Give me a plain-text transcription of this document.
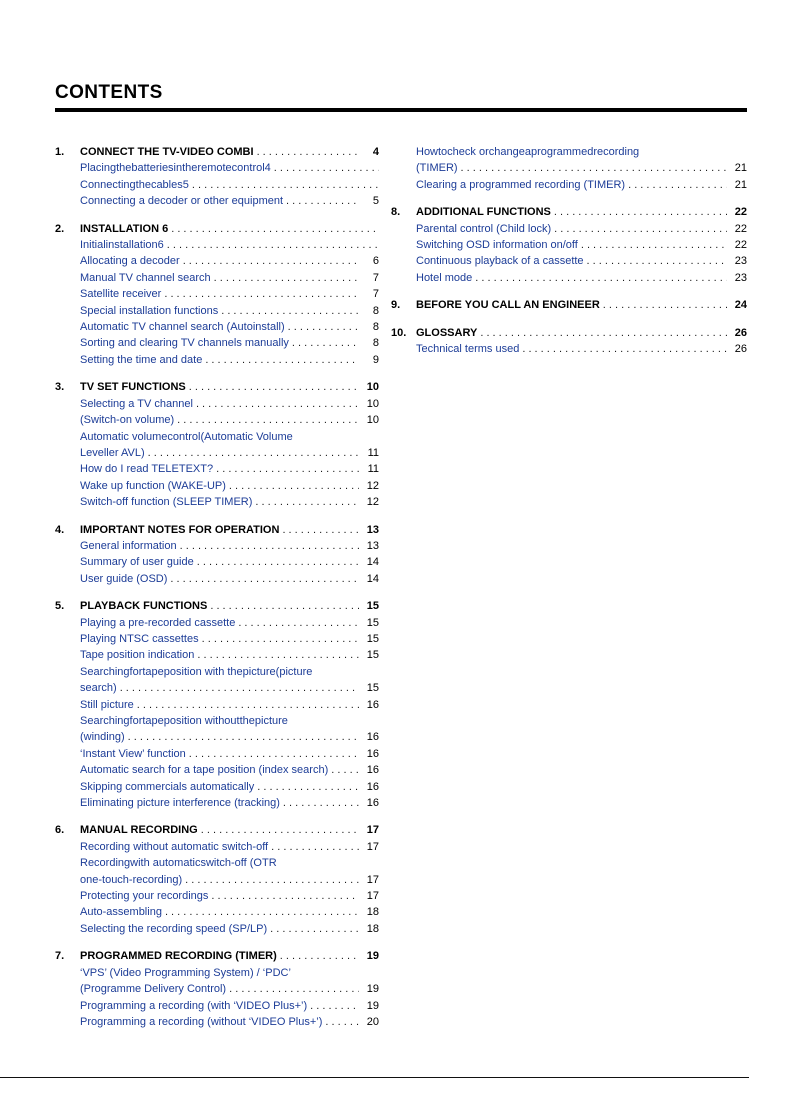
CONTENTS
1.	CONNECT THE TV-VIDEO COMBI . . .	4
Placingthebatteriesintheremotecontrol4
. . .
Connectingthecables5
. . .
Connecting a decoder or other equipment . . .	5
2.	INSTALLATION 6
. . .
Initialinstallation6
. . .
Allocating a decoder . . .	6
Manual TV channel search . . .	7
Satellite receiver . . .	7
Special installation functions . . .	8
Automatic TV channel search (Autoinstall) . . .	8
Sorting and clearing TV channels manually . . .	8
Setting the time and date . . .	9
3.	TV SET FUNCTIONS . . .	10
Selecting a TV channel . . .	10
(Switch-on volume) . . .	10
Automatic volumecontrol(Automatic Volume
Leveller AVL) . . .	11
How do I read TELETEXT? . . .	11
Wake up function (WAKE-UP) . . .	12
Switch-off function (SLEEP TIMER) . . .	12
4.	IMPORTANT NOTES FOR OPERATION . . .	13
General information . . .	13
Summary of user guide . . .	14
User guide (OSD) . . .	14
5.	PLAYBACK FUNCTIONS . . .	15
Playing a pre-recorded cassette . . .	15
Playing NTSC cassettes . . .	15
Tape position indication . . .	15
Searchingfortapeposition with thepicture(picture
search) . . .	15
Still picture . . .	16
Searchingfortapeposition withoutthepicture
(winding) . . .	16
‘Instant View’ function . . .	16
Automatic search for a tape position (index search) . . .	16
Skipping commercials automatically . . .	16
Eliminating picture interference (tracking) . . .	16
6.	MANUAL RECORDING . . .	17
Recording without automatic switch-off . . .	17
Recordingwith automaticswitch-off (OTR
one-touch-recording) . . .	17
Protecting your recordings . . .	17
Auto-assembling . . .	18
Selecting the recording speed (SP/LP) . . .	18
7.	PROGRAMMED RECORDING (TIMER) . . .	19
‘VPS’ (Video Programming System) / ‘PDC’
(Programme Delivery Control) . . .	19
Programming a recording (with ‘VIDEO Plus+’) . . .	19
Programming a recording (without ‘VIDEO Plus+’) . . .	20
Howtocheck orchangeaprogrammedrecording
(TIMER) . . .	21
Clearing a programmed recording (TIMER) . . .	21
8.	ADDITIONAL FUNCTIONS . . .	22
Parental control (Child lock) . . .	22
Switching OSD information on/off . . .	22
Continuous playback of a cassette . . .	23
Hotel mode . . .	23
9.	BEFORE YOU CALL AN ENGINEER . . .	24
10. GLOSSARY . . .	26
Technical terms used . . .	26
